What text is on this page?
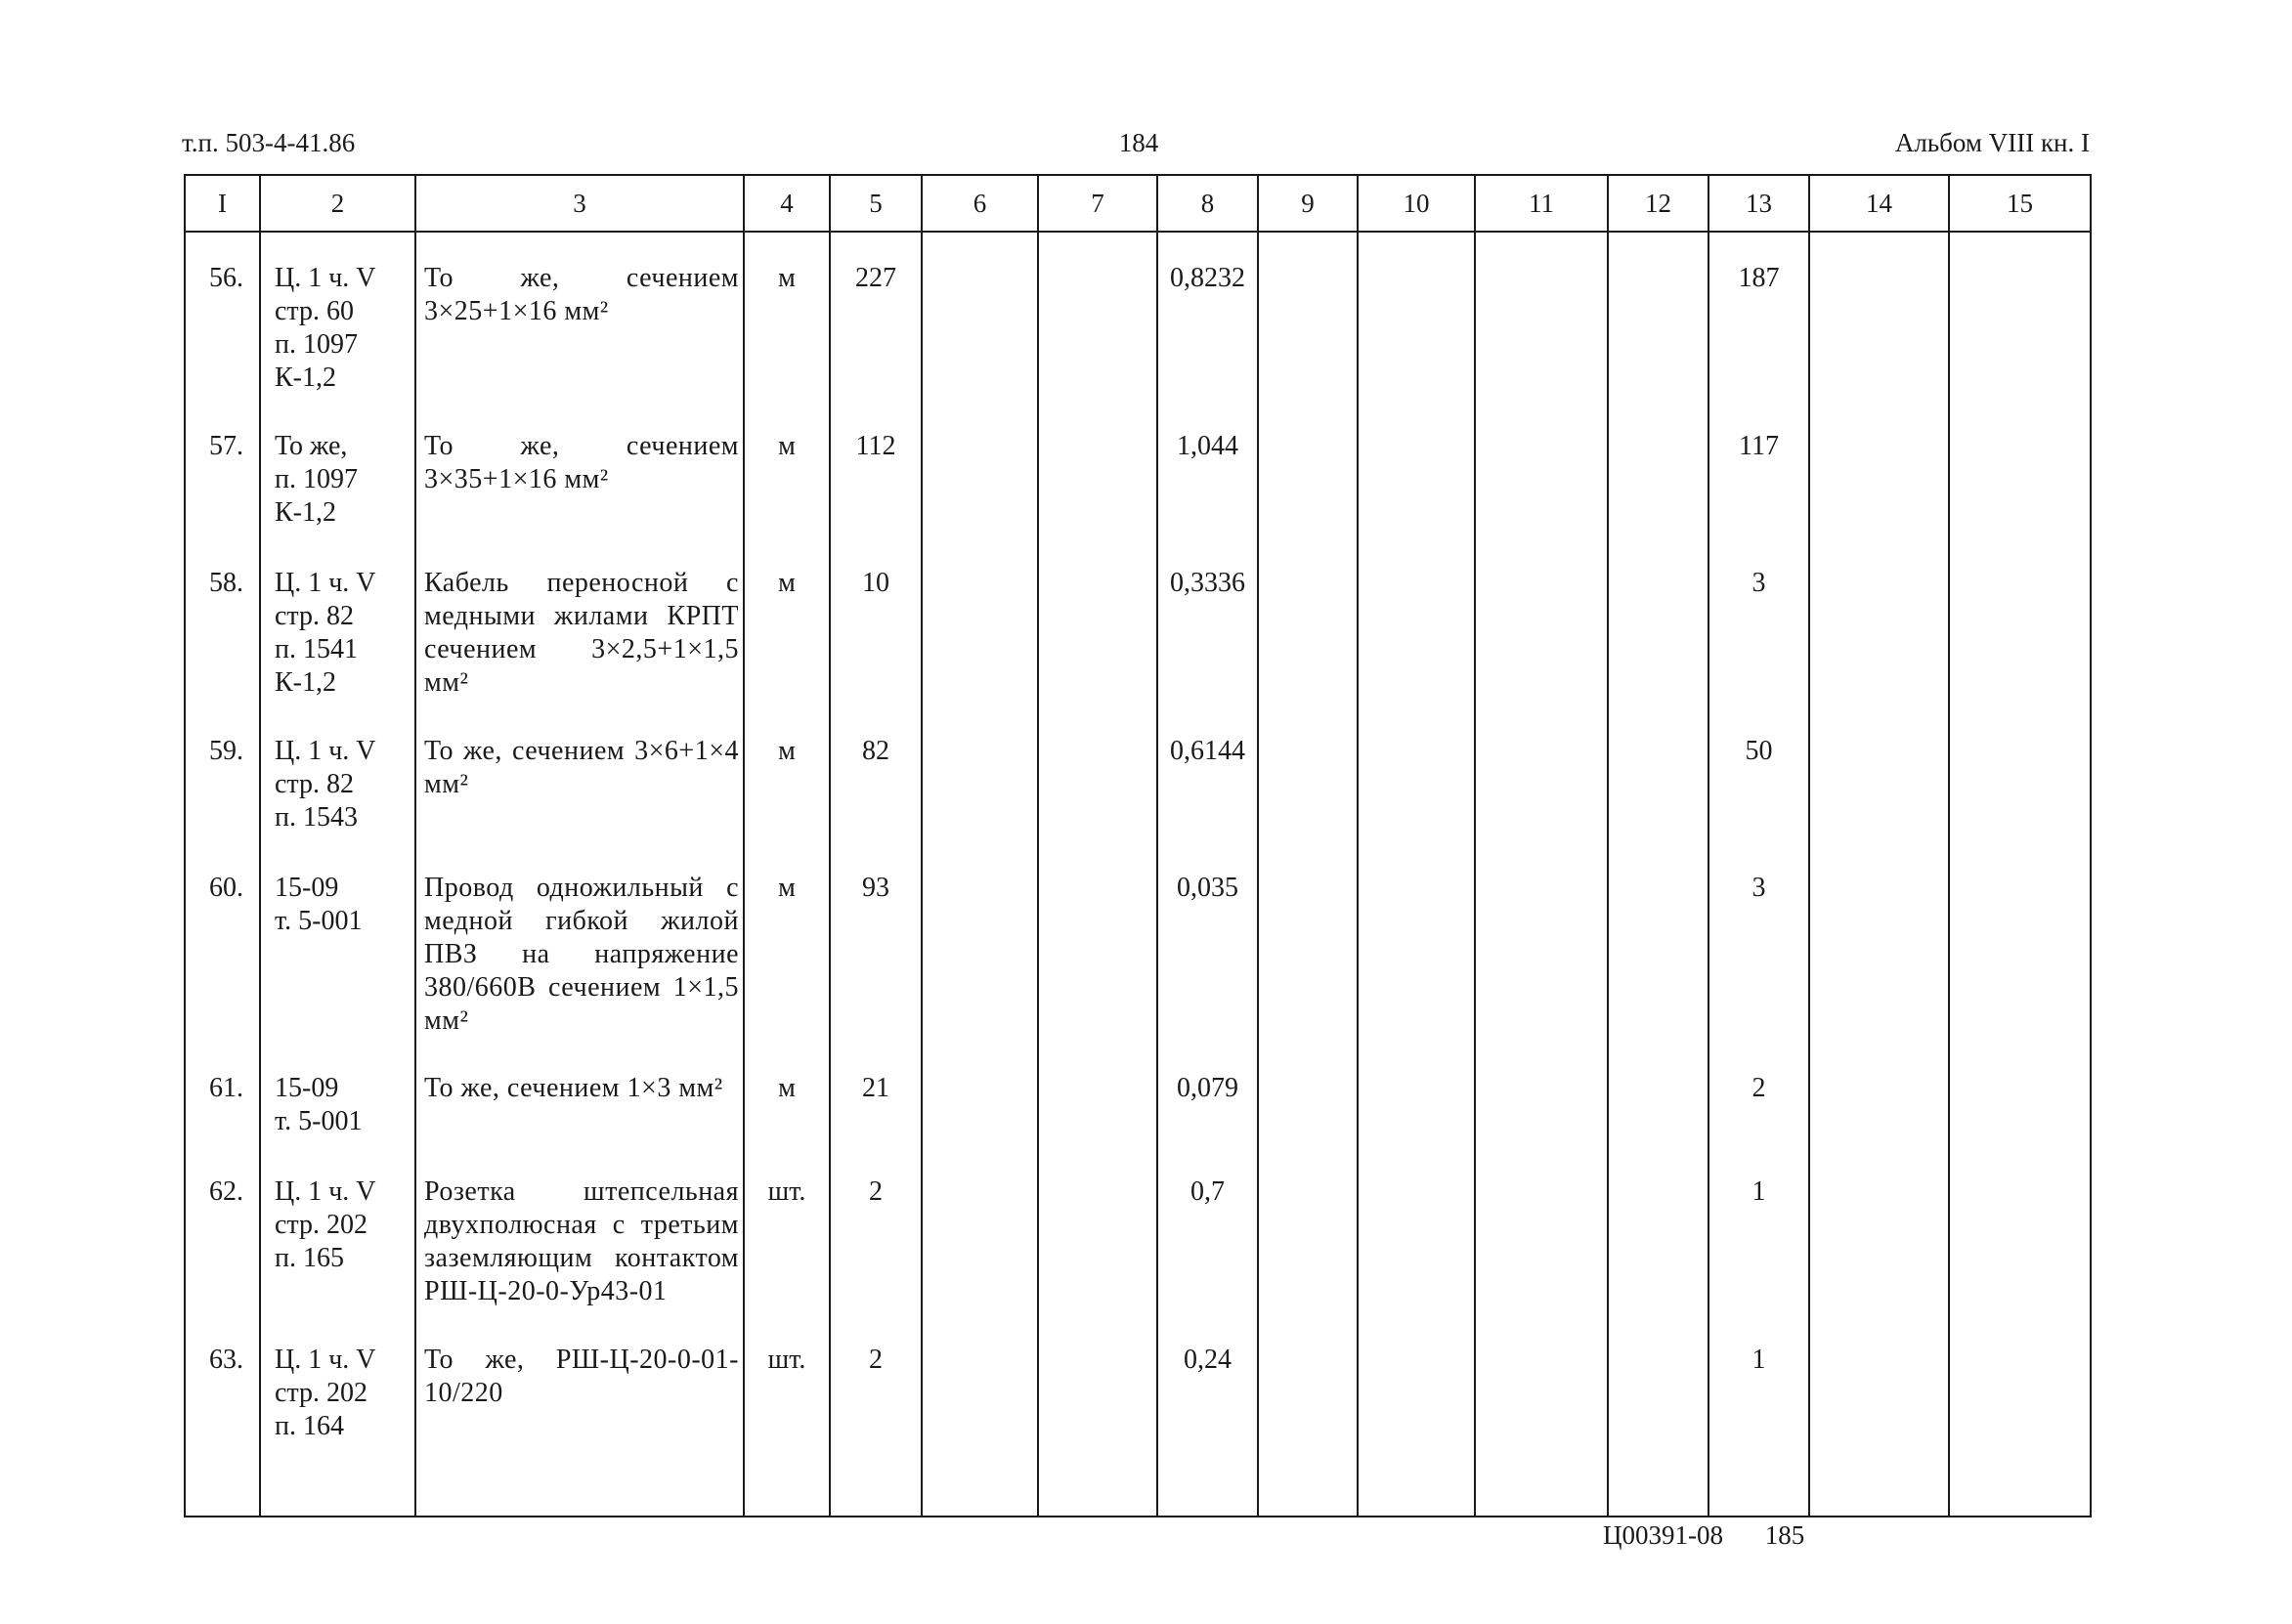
т.п. 503-4-41.86	184	Альбом VIII кн. I
I	2	3	4	5	6	7	8	9	10	11	12	13	14	15

56.	Ц. 1 ч. V
стр. 60
п. 1097
К-1,2	То же, сечением 3×25+1×16 мм²	м	227			0,8232					187		

57.	То же,
п. 1097
К-1,2	То же, сечением 3×35+1×16 мм²	м	112			1,044					117		

58.	Ц. 1 ч. V
стр. 82
п. 1541
К-1,2	Кабель переносной с медными жилами КРПТ сечением 3×2,5+1×1,5 мм²	м	10			0,3336					3		

59.	Ц. 1 ч. V
стр. 82
п. 1543	То же, сечением 3×6+1×4 мм²	м	82			0,6144					50		

60.	15-09
т. 5-001	Провод одножильный с медной гибкой жилой ПВЗ на напряжение 380/660В сечением 1×1,5 мм²	м	93			0,035					3		

61.	15-09
т. 5-001	То же, сечением 1×3 мм²	м	21			0,079					2		

62.	Ц. 1 ч. V
стр. 202
п. 165	Розетка штепсельная двухполюсная с третьим заземляющим контактом РШ-Ц-20-0-Ур43-01	шт.	2			0,7					1		

63.	Ц. 1 ч. V
стр. 202
п. 164	То же, РШ-Ц-20-0-01-10/220	шт.	2			0,24					1		

Ц00391-08 185
